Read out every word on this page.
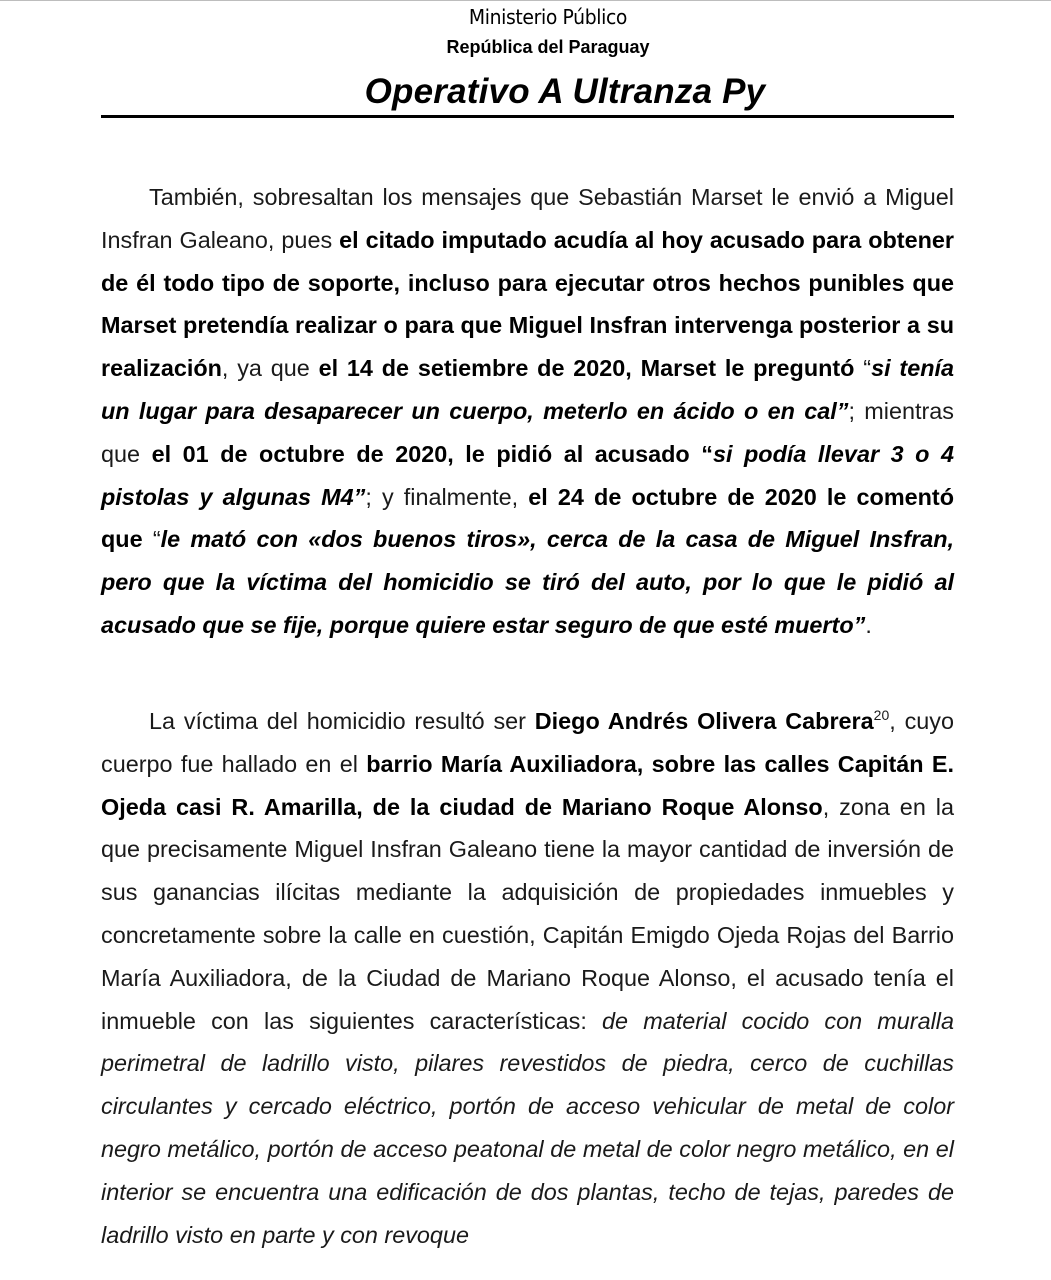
Ministerio Público
República del Paraguay
Operativo A Ultranza Py

También, sobresaltan los mensajes que Sebastián Marset le envió a Miguel Insfran Galeano, pues el citado imputado acudía al hoy acusado para obtener de él todo tipo de soporte, incluso para ejecutar otros hechos punibles que Marset pretendía realizar o para que Miguel Insfran intervenga posterior a su realización, ya que el 14 de setiembre de 2020, Marset le preguntó “si tenía un lugar para desaparecer un cuerpo, meterlo en ácido o en cal”; mientras que el 01 de octubre de 2020, le pidió al acusado “si podía llevar 3 o 4 pistolas y algunas M4”; y finalmente, el 24 de octubre de 2020 le comentó que “le mató con «dos buenos tiros», cerca de la casa de Miguel Insfran, pero que la víctima del homicidio se tiró del auto, por lo que le pidió al acusado que se fije, porque quiere estar seguro de que esté muerto”.

La víctima del homicidio resultó ser Diego Andrés Olivera Cabrera$^{20}$, cuyo cuerpo fue hallado en el barrio María Auxiliadora, sobre las calles Capitán E. Ojeda casi R. Amarilla, de la ciudad de Mariano Roque Alonso, zona en la que precisamente Miguel Insfran Galeano tiene la mayor cantidad de inversión de sus ganancias ilícitas mediante la adquisición de propiedades inmuebles y concretamente sobre la calle en cuestión, Capitán Emigdo Ojeda Rojas del Barrio María Auxiliadora, de la Ciudad de Mariano Roque Alonso, el acusado tenía el inmueble con las siguientes características: de material cocido con muralla perimetral de ladrillo visto, pilares revestidos de piedra, cerco de cuchillas circulantes y cercado eléctrico, portón de acceso vehicular de metal de color negro metálico, portón de acceso peatonal de metal de color negro metálico, en el interior se encuentra una edificación de dos plantas, techo de tejas, paredes de ladrillo visto en parte y con revoque
